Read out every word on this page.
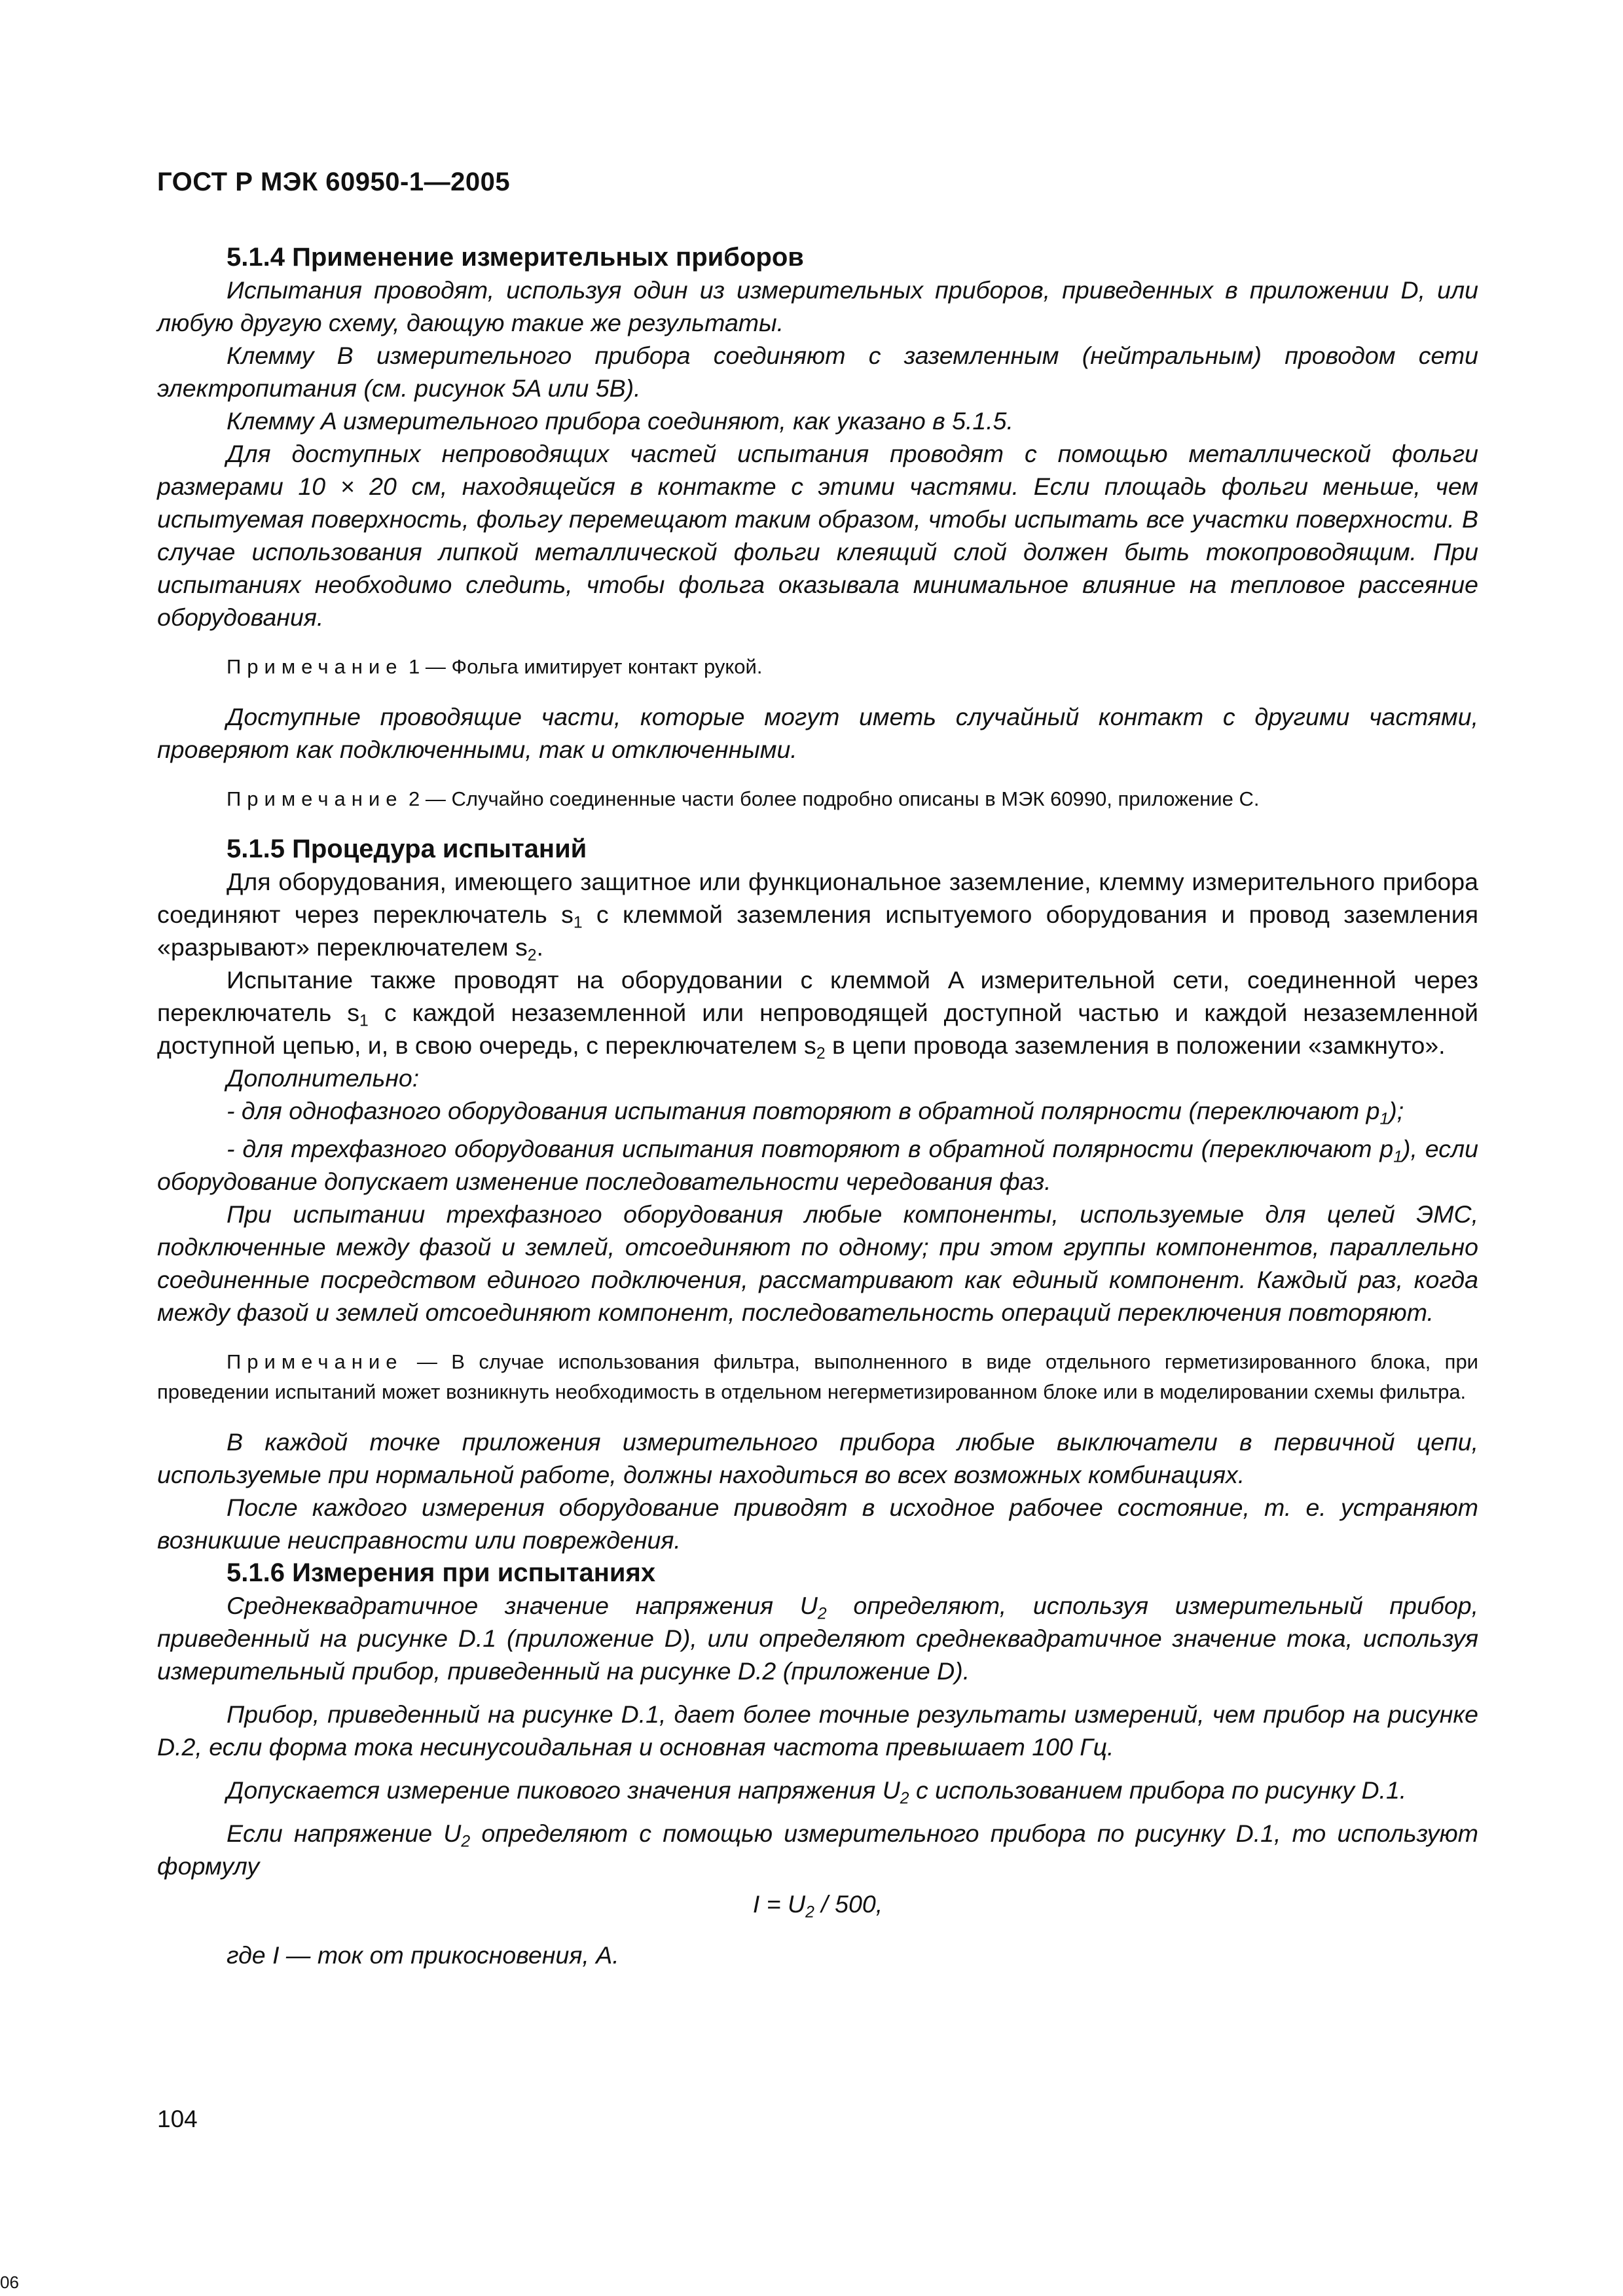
ГОСТ Р МЭК 60950-1—2005

5.1.4 Применение измерительных приборов

Испытания проводят, используя один из измерительных приборов, приведенных в приложении D, или любую другую схему, дающую такие же результаты.

Клемму B измерительного прибора соединяют с заземленным (нейтральным) проводом сети электропитания (см. рисунок 5A или 5B).

Клемму A измерительного прибора соединяют, как указано в 5.1.5.

Для доступных непроводящих частей испытания проводят с помощью металлической фольги размерами 10 × 20 см, находящейся в контакте с этими частями. Если площадь фольги меньше, чем испытуемая поверхность, фольгу перемещают таким образом, чтобы испытать все участки поверхности. В случае использования липкой металлической фольги клеящий слой должен быть токопроводящим. При испытаниях необходимо следить, чтобы фольга оказывала минимальное влияние на тепловое рассеяние оборудования.

Примечание 1 — Фольга имитирует контакт рукой.

Доступные проводящие части, которые могут иметь случайный контакт с другими частями, проверяют как подключенными, так и отключенными.

Примечание 2 — Случайно соединенные части более подробно описаны в МЭК 60990, приложение C.

5.1.5 Процедура испытаний

Для оборудования, имеющего защитное или функциональное заземление, клемму измерительного прибора соединяют через переключатель $s_1$ с клеммой заземления испытуемого оборудования и провод заземления «разрывают» переключателем $s_2$.

Испытание также проводят на оборудовании с клеммой A измерительной сети, соединенной через переключатель $s_1$ с каждой незаземленной или непроводящей доступной частью и каждой незаземленной доступной цепью, и, в свою очередь, с переключателем $s_2$ в цепи провода заземления в положении «замкнуто».

Дополнительно:

- для однофазного оборудования испытания повторяют в обратной полярности (переключают $p_1$);

- для трехфазного оборудования испытания повторяют в обратной полярности (переключают $p_1$), если оборудование допускает изменение последовательности чередования фаз.

При испытании трехфазного оборудования любые компоненты, используемые для целей ЭМС, подключенные между фазой и землей, отсоединяют по одному; при этом группы компонентов, параллельно соединенные посредством единого подключения, рассматривают как единый компонент. Каждый раз, когда между фазой и землей отсоединяют компонент, последовательность операций переключения повторяют.

Примечание — В случае использования фильтра, выполненного в виде отдельного герметизированного блока, при проведении испытаний может возникнуть необходимость в отдельном негерметизированном блоке или в моделировании схемы фильтра.

В каждой точке приложения измерительного прибора любые выключатели в первичной цепи, используемые при нормальной работе, должны находиться во всех возможных комбинациях.

После каждого измерения оборудование приводят в исходное рабочее состояние, т. е. устраняют возникшие неисправности или повреждения.

5.1.6 Измерения при испытаниях

Среднеквадратичное значение напряжения $U_2$ определяют, используя измерительный прибор, приведенный на рисунке D.1 (приложение D), или определяют среднеквадратичное значение тока, используя измерительный прибор, приведенный на рисунке D.2 (приложение D).

Прибор, приведенный на рисунке D.1, дает более точные результаты измерений, чем прибор на рисунке D.2, если форма тока несинусоидальная и основная частота превышает 100 Гц.

Допускается измерение пикового значения напряжения $U_2$ с использованием прибора по рисунку D.1.

Если напряжение $U_2$ определяют с помощью измерительного прибора по рисунку D.1, то используют формулу

$I = U_2 / 500$,

где I — ток от прикосновения, A.

104
06
